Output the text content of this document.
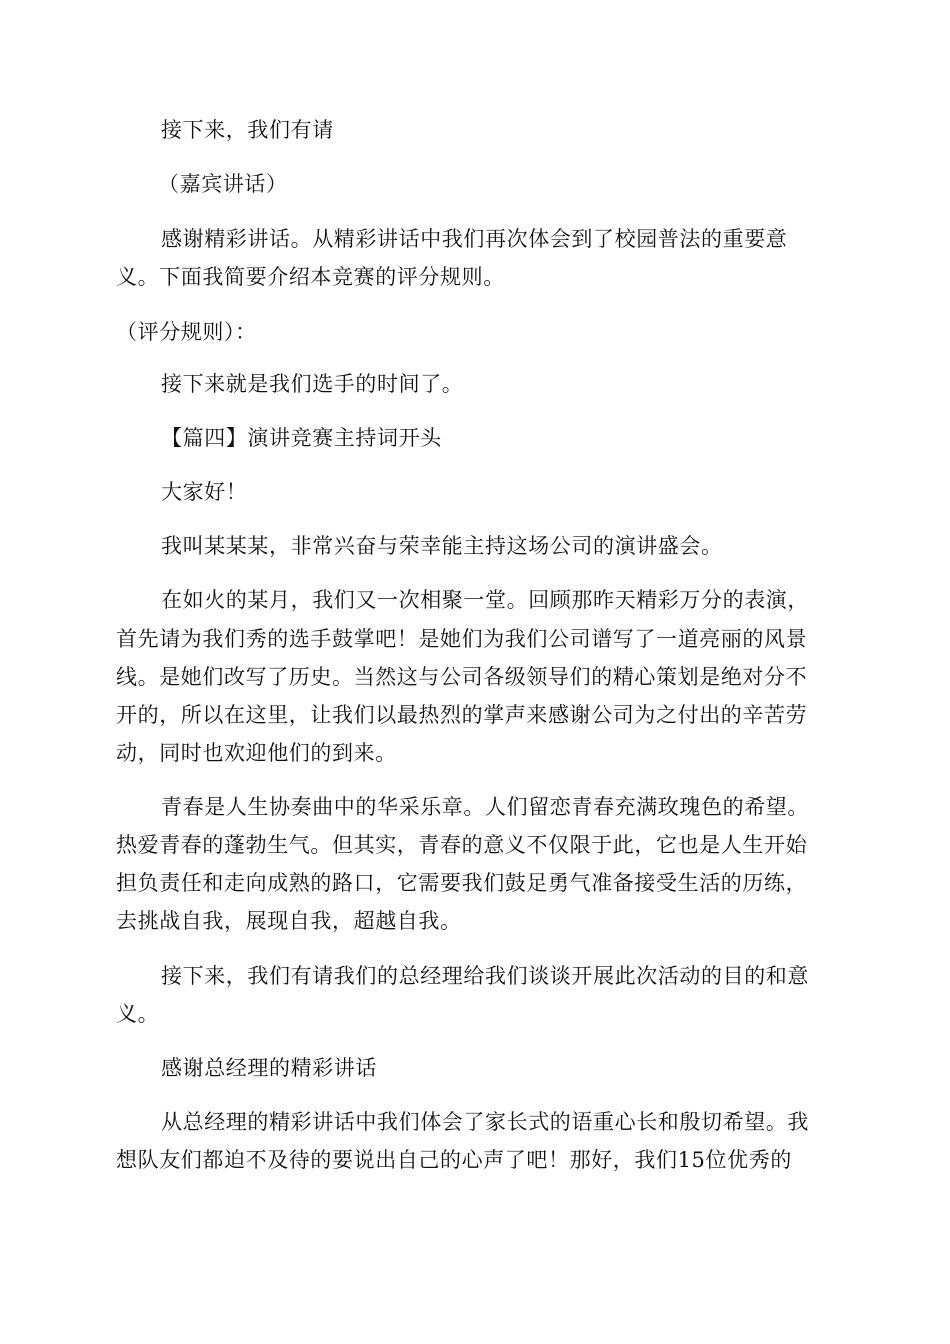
接下来，我们有请
（嘉宾讲话）
感谢精彩讲话。从精彩讲话中我们再次体会到了校园普法的重要意
义。下面我简要介绍本竞赛的评分规则。
（评分规则）：
接下来就是我们选手的时间了。
【篇四】演讲竞赛主持词开头
大家好！
我叫某某某，非常兴奋与荣幸能主持这场公司的演讲盛会。
在如火的某月，我们又一次相聚一堂。回顾那昨天精彩万分的表演，
首先请为我们秀的选手鼓掌吧！是她们为我们公司谱写了一道亮丽的风景
线。是她们改写了历史。当然这与公司各级领导们的精心策划是绝对分不
开的，所以在这里，让我们以最热烈的掌声来感谢公司为之付出的辛苦劳
动，同时也欢迎他们的到来。
青春是人生协奏曲中的华采乐章。人们留恋青春充满玫瑰色的希望。
热爱青春的蓬勃生气。但其实，青春的意义不仅限于此，它也是人生开始
担负责任和走向成熟的路口，它需要我们鼓足勇气准备接受生活的历练，
去挑战自我，展现自我，超越自我。
接下来，我们有请我们的总经理给我们谈谈开展此次活动的目的和意
义。
感谢总经理的精彩讲话
从总经理的精彩讲话中我们体会了家长式的语重心长和殷切希望。我
想队友们都迫不及待的要说出自己的心声了吧！那好，我们15位优秀的
